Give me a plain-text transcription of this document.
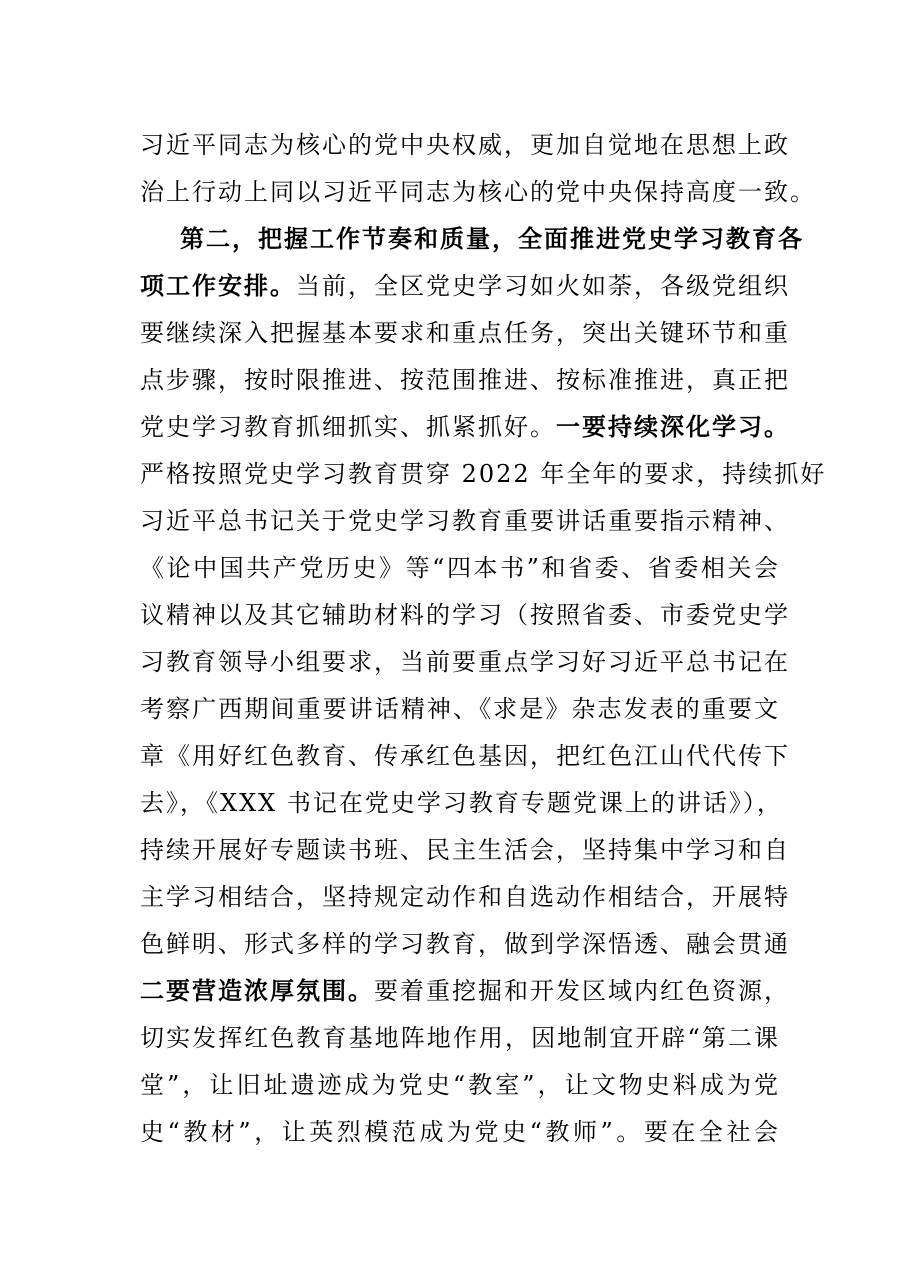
习近平同志为核心的党中央权威，更加自觉地在思想上政
治上行动上同以习近平同志为核心的党中央保持高度一致。
第二，把握工作节奏和质量，全面推进党史学习教育各
项工作安排。当前，全区党史学习如火如荼，各级党组织
要继续深入把握基本要求和重点任务，突出关键环节和重
点步骤，按时限推进、按范围推进、按标准推进，真正把
党史学习教育抓细抓实、抓紧抓好。一要持续深化学习。
严格按照党史学习教育贯穿 2022 年全年的要求，持续抓好
习近平总书记关于党史学习教育重要讲话重要指示精神、
《论中国共产党历史》等“四本书”和省委、省委相关会
议精神以及其它辅助材料的学习（按照省委、市委党史学
习教育领导小组要求，当前要重点学习好习近平总书记在
考察广西期间重要讲话精神、《求是》杂志发表的重要文
章《用好红色教育、传承红色基因，把红色江山代代传下
去》，《XXX 书记在党史学习教育专题党课上的讲话》），
持续开展好专题读书班、民主生活会，坚持集中学习和自
主学习相结合，坚持规定动作和自选动作相结合，开展特
色鲜明、形式多样的学习教育，做到学深悟透、融会贯通
二要营造浓厚氛围。要着重挖掘和开发区域内红色资源，
切实发挥红色教育基地阵地作用，因地制宜开辟“第二课
堂”，让旧址遗迹成为党史“教室”，让文物史料成为党
史“教材”，让英烈模范成为党史“教师”。要在全社会
